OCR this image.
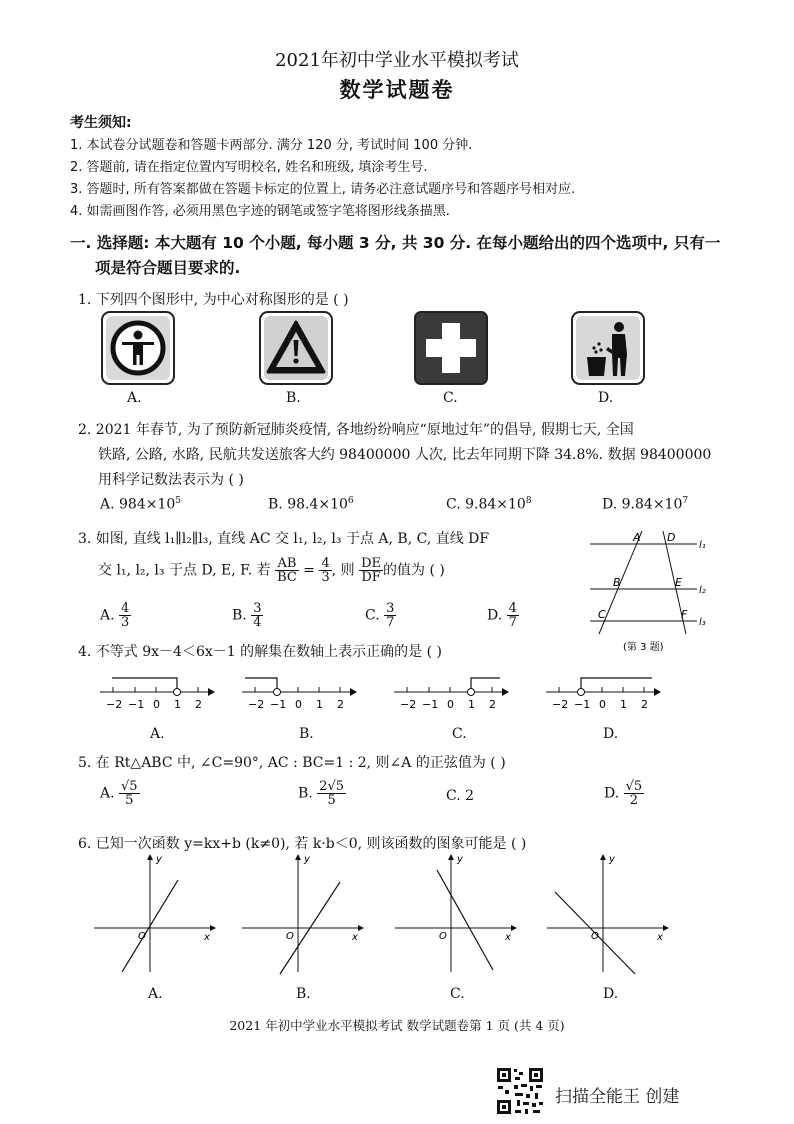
2021年初中学业水平模拟考试
数学试题卷
考生须知:
1. 本试卷分试题卷和答题卡两部分. 满分 120 分, 考试时间 100 分钟.
2. 答题前, 请在指定位置内写明校名, 姓名和班级, 填涂考生号.
3. 答题时, 所有答案都做在答题卡标定的位置上, 请务必注意试题序号和答题序号相对应.
4. 如需画图作答, 必须用黑色字迹的钢笔或签字笔将图形线条描黑.
一. 选择题: 本大题有 10 个小题, 每小题 3 分, 共 30 分. 在每小题给出的四个选项中, 只有一
项是符合题目要求的.
1. 下列四个图形中, 为中心对称图形的是 ( )
A.	B.	C.	D.
2. 2021 年春节, 为了预防新冠肺炎疫情, 各地纷纷响应“原地过年”的倡导, 假期七天, 全国
铁路, 公路, 水路, 民航共发送旅客大约 98400000 人次, 比去年同期下降 34.8%. 数据 98400000
用科学记数法表示为 ( )
A. $984\times 10^5$	B. $98.4\times 10^6$	C. $9.84\times 10^8$	D. $9.84\times 10^7$
3. 如图, 直线 l₁∥l₂∥l₃, 直线 AC 交 l₁, l₂, l₃ 于点 A, B, C, 直线 DF
交 l₁, l₂, l₃ 于点 D, E, F. 若 $\frac{AB}{BC} = \frac{4}{3}$ , 则 $\frac{DE}{DF}$ 的值为 ( )
A. $\frac{4}{3}$	B. $\frac{3}{4}$	C. $\frac{3}{7}$	D. $\frac{4}{7}$
A D
B	E
C	F
l₁
l₂
l₃
(第 3 题)
4. 不等式 9x－4＜6x－1 的解集在数轴上表示正确的是 ( )
−2 −1 0 1 2	−2 −1 0 1 2	−2 −1 0 1 2	−2 −1 0 1 2
A.	B.	C.	D.
5. 在 Rt△ABC 中, ∠C=90°, AC : BC=1 : 2, 则∠A 的正弦值为 ( )
A. $\frac{√5}{5}$	B. $\frac{2√5}{5}$	C. 2	D. $\frac{√5}{2}$
6. 已知一次函数 y=kx+b (k≠0), 若 k·b＜0, 则该函数的图象可能是 ( )
y
x
O
y
x
O
y
x
O
y
x
O
A.	B.	C.	D.
2021 年初中学业水平模拟考试 数学试题卷第 1 页 (共 4 页)
扫描全能王 创建
